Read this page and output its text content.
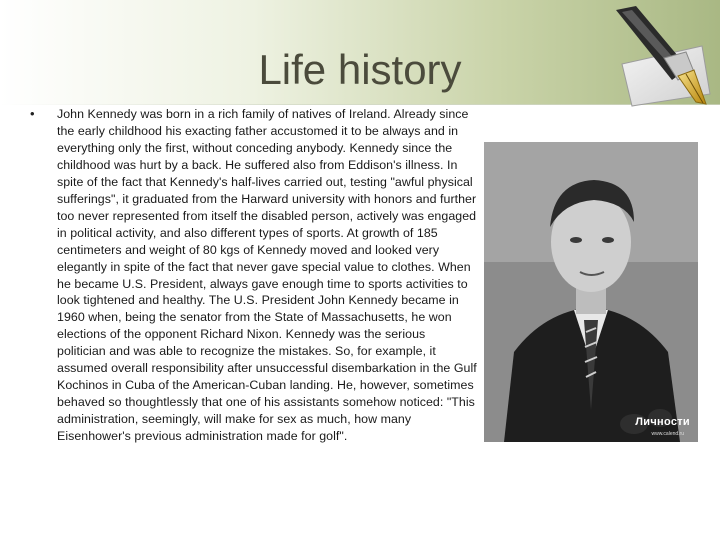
Life history
• John Kennedy was born in a rich family of natives of Ireland. Already since the early childhood his exacting father accustomed it to be always and in everything only the first, without conceding anybody. Kennedy since the childhood was hurt by a back. He suffered also from Eddison's illness. In spite of the fact that Kennedy's half-lives carried out, testing "awful physical sufferings", it graduated from the Harward university with honors and further too never represented from itself the disabled person, actively was engaged in political activity, and also different types of sports. At growth of 185 centimeters and weight of 80 kgs of Kennedy moved and looked very elegantly in spite of the fact that never gave special value to clothes. When he became U.S. President, always gave enough time to sports activities to look tightened and healthy. The U.S. President John Kennedy became in 1960 when, being the senator from the State of Massachusetts, he won elections of the opponent Richard Nixon. Kennedy was the serious politician and was able to recognize the mistakes. So, for example, it assumed overall responsibility after unsuccessful disembarkation in the Gulf Kochinos in Cuba of the American-Cuban landing. He, however, sometimes behaved so thoughtlessly that one of his assistants somehow noticed: "This administration, seemingly, will make for sex as much, how many Eisenhower's previous administration made for golf".
Личности
www.calend.ru
